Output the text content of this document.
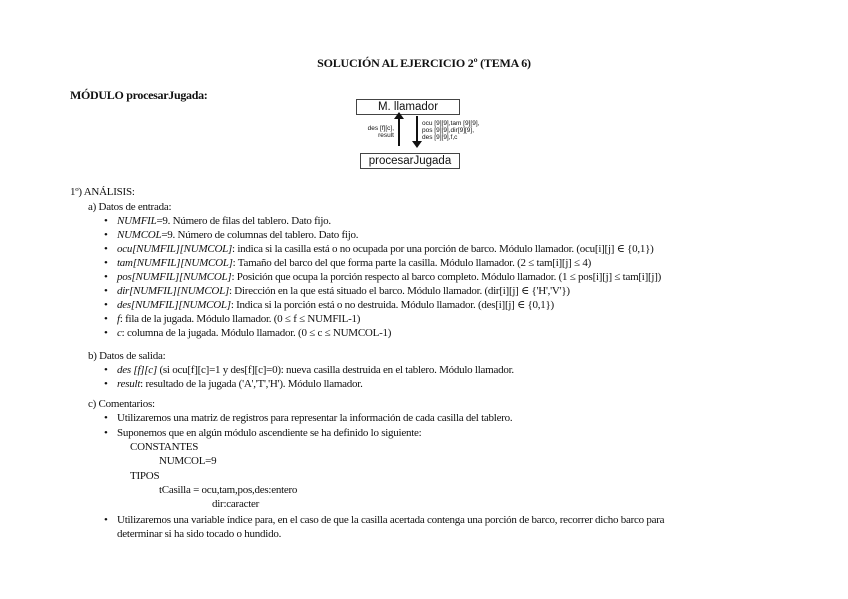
SOLUCIÓN AL EJERCICIO 2º (TEMA 6)
MÓDULO procesarJugada:
M. llamador
des [f][c],
result
ocu [9][9],tam [9][9],
pos [9][9],dir[9][9],
des [9][9],f,c
procesarJugada
1º) ANÁLISIS:
a) Datos de entrada:
• NUMFIL=9. Número de filas del tablero. Dato fijo.
• NUMCOL=9. Número de columnas del tablero. Dato fijo.
• ocu[NUMFIL][NUMCOL]: indica si la casilla está o no ocupada por una porción de barco. Módulo llamador. (ocu[i][j] ∈ {0,1})
• tam[NUMFIL][NUMCOL]: Tamaño del barco del que forma parte la casilla. Módulo llamador. (2 ≤ tam[i][j] ≤ 4)
• pos[NUMFIL][NUMCOL]: Posición que ocupa la porción respecto al barco completo. Módulo llamador. (1 ≤ pos[i][j] ≤ tam[i][j])
• dir[NUMFIL][NUMCOL]: Dirección en la que está situado el barco. Módulo llamador. (dir[i][j] ∈ {'H','V'})
• des[NUMFIL][NUMCOL]: Indica si la porción está o no destruida. Módulo llamador. (des[i][j] ∈ {0,1})
• f: fila de la jugada. Módulo llamador. (0 ≤ f ≤ NUMFIL-1)
• c: columna de la jugada. Módulo llamador. (0 ≤ c ≤ NUMCOL-1)
b) Datos de salida:
• des [f][c] (si ocu[f][c]=1 y des[f][c]=0): nueva casilla destruida en el tablero. Módulo llamador.
• result: resultado de la jugada ('A','T','H'). Módulo llamador.
c) Comentarios:
• Utilizaremos una matriz de registros para representar la información de cada casilla del tablero.
• Suponemos que en algún módulo ascendiente se ha definido lo siguiente:
CONSTANTES
NUMCOL=9
TIPOS
tCasilla = ocu,tam,pos,des:entero
dir:caracter
• Utilizaremos una variable índice para, en el caso de que la casilla acertada contenga una porción de barco, recorrer dicho barco para
determinar si ha sido tocado o hundido.
